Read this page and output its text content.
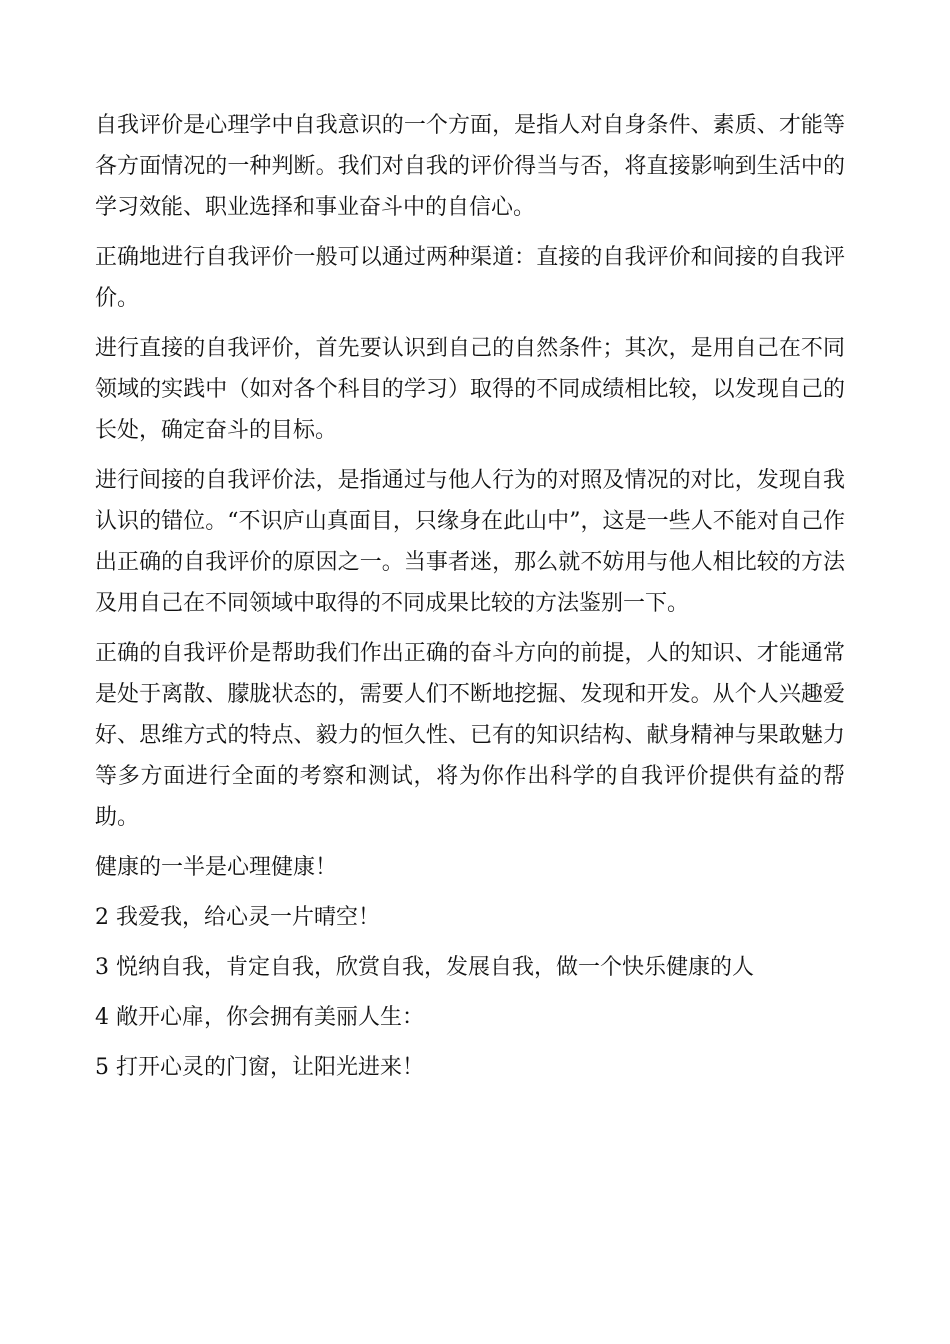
自我评价是心理学中自我意识的一个方面，是指人对自身条件、素质、才能等各方面情况的一种判断。我们对自我的评价得当与否，将直接影响到生活中的学习效能、职业选择和事业奋斗中的自信心。

正确地进行自我评价一般可以通过两种渠道：直接的自我评价和间接的自我评价。

进行直接的自我评价，首先要认识到自己的自然条件；其次，是用自己在不同领域的实践中（如对各个科目的学习）取得的不同成绩相比较，以发现自己的长处，确定奋斗的目标。

进行间接的自我评价法，是指通过与他人行为的对照及情况的对比，发现自我认识的错位。“不识庐山真面目，只缘身在此山中”，这是一些人不能对自己作出正确的自我评价的原因之一。当事者迷，那么就不妨用与他人相比较的方法及用自己在不同领域中取得的不同成果比较的方法鉴别一下。

正确的自我评价是帮助我们作出正确的奋斗方向的前提，人的知识、才能通常是处于离散、朦胧状态的，需要人们不断地挖掘、发现和开发。从个人兴趣爱好、思维方式的特点、毅力的恒久性、已有的知识结构、献身精神与果敢魅力等多方面进行全面的考察和测试，将为你作出科学的自我评价提供有益的帮助。

健康的一半是心理健康！

2 我爱我，给心灵一片晴空！

3 悦纳自我，肯定自我，欣赏自我，发展自我，做一个快乐健康的人

4 敞开心扉，你会拥有美丽人生：

5 打开心灵的门窗，让阳光进来！
